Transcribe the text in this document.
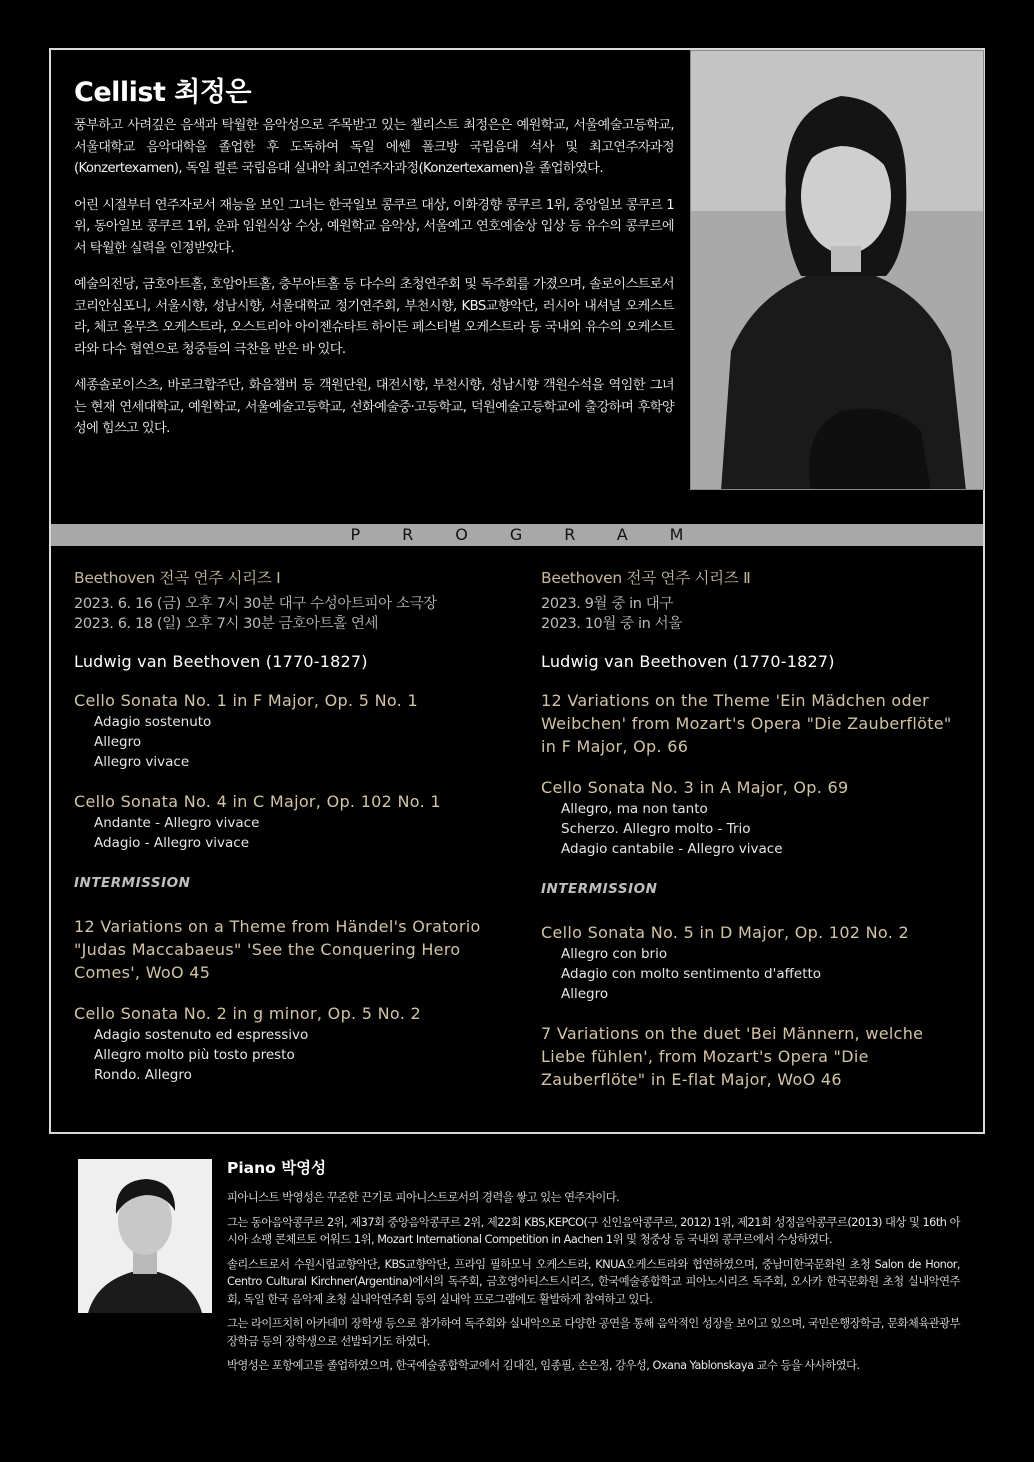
Cellist 최정은

풍부하고 사려깊은 음색과 탁월한 음악성으로 주목받고 있는 첼리스트 최정은은 예원학교, 서울예술고등학교, 서울대학교 음악대학을 졸업한 후 도독하여 독일 에쎈 폴크방 국립음대 석사 및 최고연주자과정(Konzertexamen), 독일 쾰른 국립음대 실내악 최고연주자과정(Konzertexamen)을 졸업하였다.

어린 시절부터 연주자로서 재능을 보인 그녀는 한국일보 콩쿠르 대상, 이화경향 콩쿠르 1위, 중앙일보 콩쿠르 1위, 동아일보 콩쿠르 1위, 운파 임원식상 수상, 예원학교 음악상, 서울예고 연호예술상 입상 등 유수의 콩쿠르에서 탁월한 실력을 인정받았다.

예술의전당, 금호아트홀, 호암아트홀, 충무아트홀 등 다수의 초청연주회 및 독주회를 가졌으며, 솔로이스트로서 코리안심포니, 서울시향, 성남시향, 서울대학교 정기연주회, 부천시향, KBS교향악단, 러시아 내셔널 오케스트라, 체코 올무츠 오케스트라, 오스트리아 아이젠슈타트 하이든 페스티벌 오케스트라 등 국내외 유수의 오케스트라와 다수 협연으로 청중들의 극찬을 받은 바 있다.

세종솔로이스츠, 바로크합주단, 화음챔버 등 객원단원, 대전시향, 부천시향, 성남시향 객원수석을 역임한 그녀는 현재 연세대학교, 예원학교, 서울예술고등학교, 선화예술중·고등학교, 덕원예술고등학교에 출강하며 후학양성에 힘쓰고 있다.

PROGRAM
Beethoven 전곡 연주 시리즈 Ⅰ
2023. 6. 16 (금) 오후 7시 30분 대구 수성아트피아 소극장
2023. 6. 18 (일) 오후 7시 30분 금호아트홀 연세
Ludwig van Beethoven (1770-1827)
Cello Sonata No. 1 in F Major, Op. 5 No. 1
Adagio sostenuto
Allegro
Allegro vivace
Cello Sonata No. 4 in C Major, Op. 102 No. 1
Andante - Allegro vivace
Adagio - Allegro vivace
INTERMISSION
12 Variations on a Theme from Händel's Oratorio "Judas Maccabaeus" 'See the Conquering Hero Comes', WoO 45
Cello Sonata No. 2 in g minor, Op. 5 No. 2
Adagio sostenuto ed espressivo
Allegro molto più tosto presto
Rondo. Allegro
Beethoven 전곡 연주 시리즈 Ⅱ
2023. 9월 중 in 대구
2023. 10월 중 in 서울
Ludwig van Beethoven (1770-1827)
12 Variations on the Theme 'Ein Mädchen oder Weibchen' from Mozart's Opera "Die Zauberflöte" in F Major, Op. 66
Cello Sonata No. 3 in A Major, Op. 69
Allegro, ma non tanto
Scherzo. Allegro molto - Trio
Adagio cantabile - Allegro vivace
INTERMISSION
Cello Sonata No. 5 in D Major, Op. 102 No. 2
Allegro con brio
Adagio con molto sentimento d'affetto
Allegro
7 Variations on the duet 'Bei Männern, welche Liebe fühlen', from Mozart's Opera "Die Zauberflöte" in E-flat Major, WoO 46
Piano 박영성

피아니스트 박영성은 꾸준한 끈기로 피아니스트로서의 경력을 쌓고 있는 연주자이다.

그는 동아음악콩쿠르 2위, 제37회 중앙음악콩쿠르 2위, 제22회 KBS,KEPCO(구 신인음악콩쿠르, 2012) 1위, 제21회 성정음악콩쿠르(2013) 대상 및 16th 아시아 쇼팽 콘체르토 어워드 1위, Mozart International Competition in Aachen 1위 및 청중상 등 국내외 콩쿠르에서 수상하였다.

솔리스트로서 수원시립교향악단, KBS교향악단, 프라임 필하모닉 오케스트라, KNUA오케스트라와 협연하였으며, 중남미한국문화원 초청 Salon de Honor, Centro Cultural Kirchner(Argentina)에서의 독주회, 금호영아티스트시리즈, 한국예술종합학교 피아노시리즈 독주회, 오사카 한국문화원 초청 실내악연주회, 독일 한국 음악제 초청 실내악연주회 등의 실내악 프로그램에도 활발하게 참여하고 있다.

그는 라이프치히 아카데미 장학생 등으로 참가하여 독주회와 실내악으로 다양한 공연을 통해 음악적인 성장을 보이고 있으며, 국민은행장학금, 문화체육관광부장학금 등의 장학생으로 선발되기도 하였다.

박영성은 포항예고를 졸업하였으며, 한국예술종합학교에서 김대진, 임종필, 손은정, 강우성, Oxana Yablonskaya 교수 등을 사사하였다.
